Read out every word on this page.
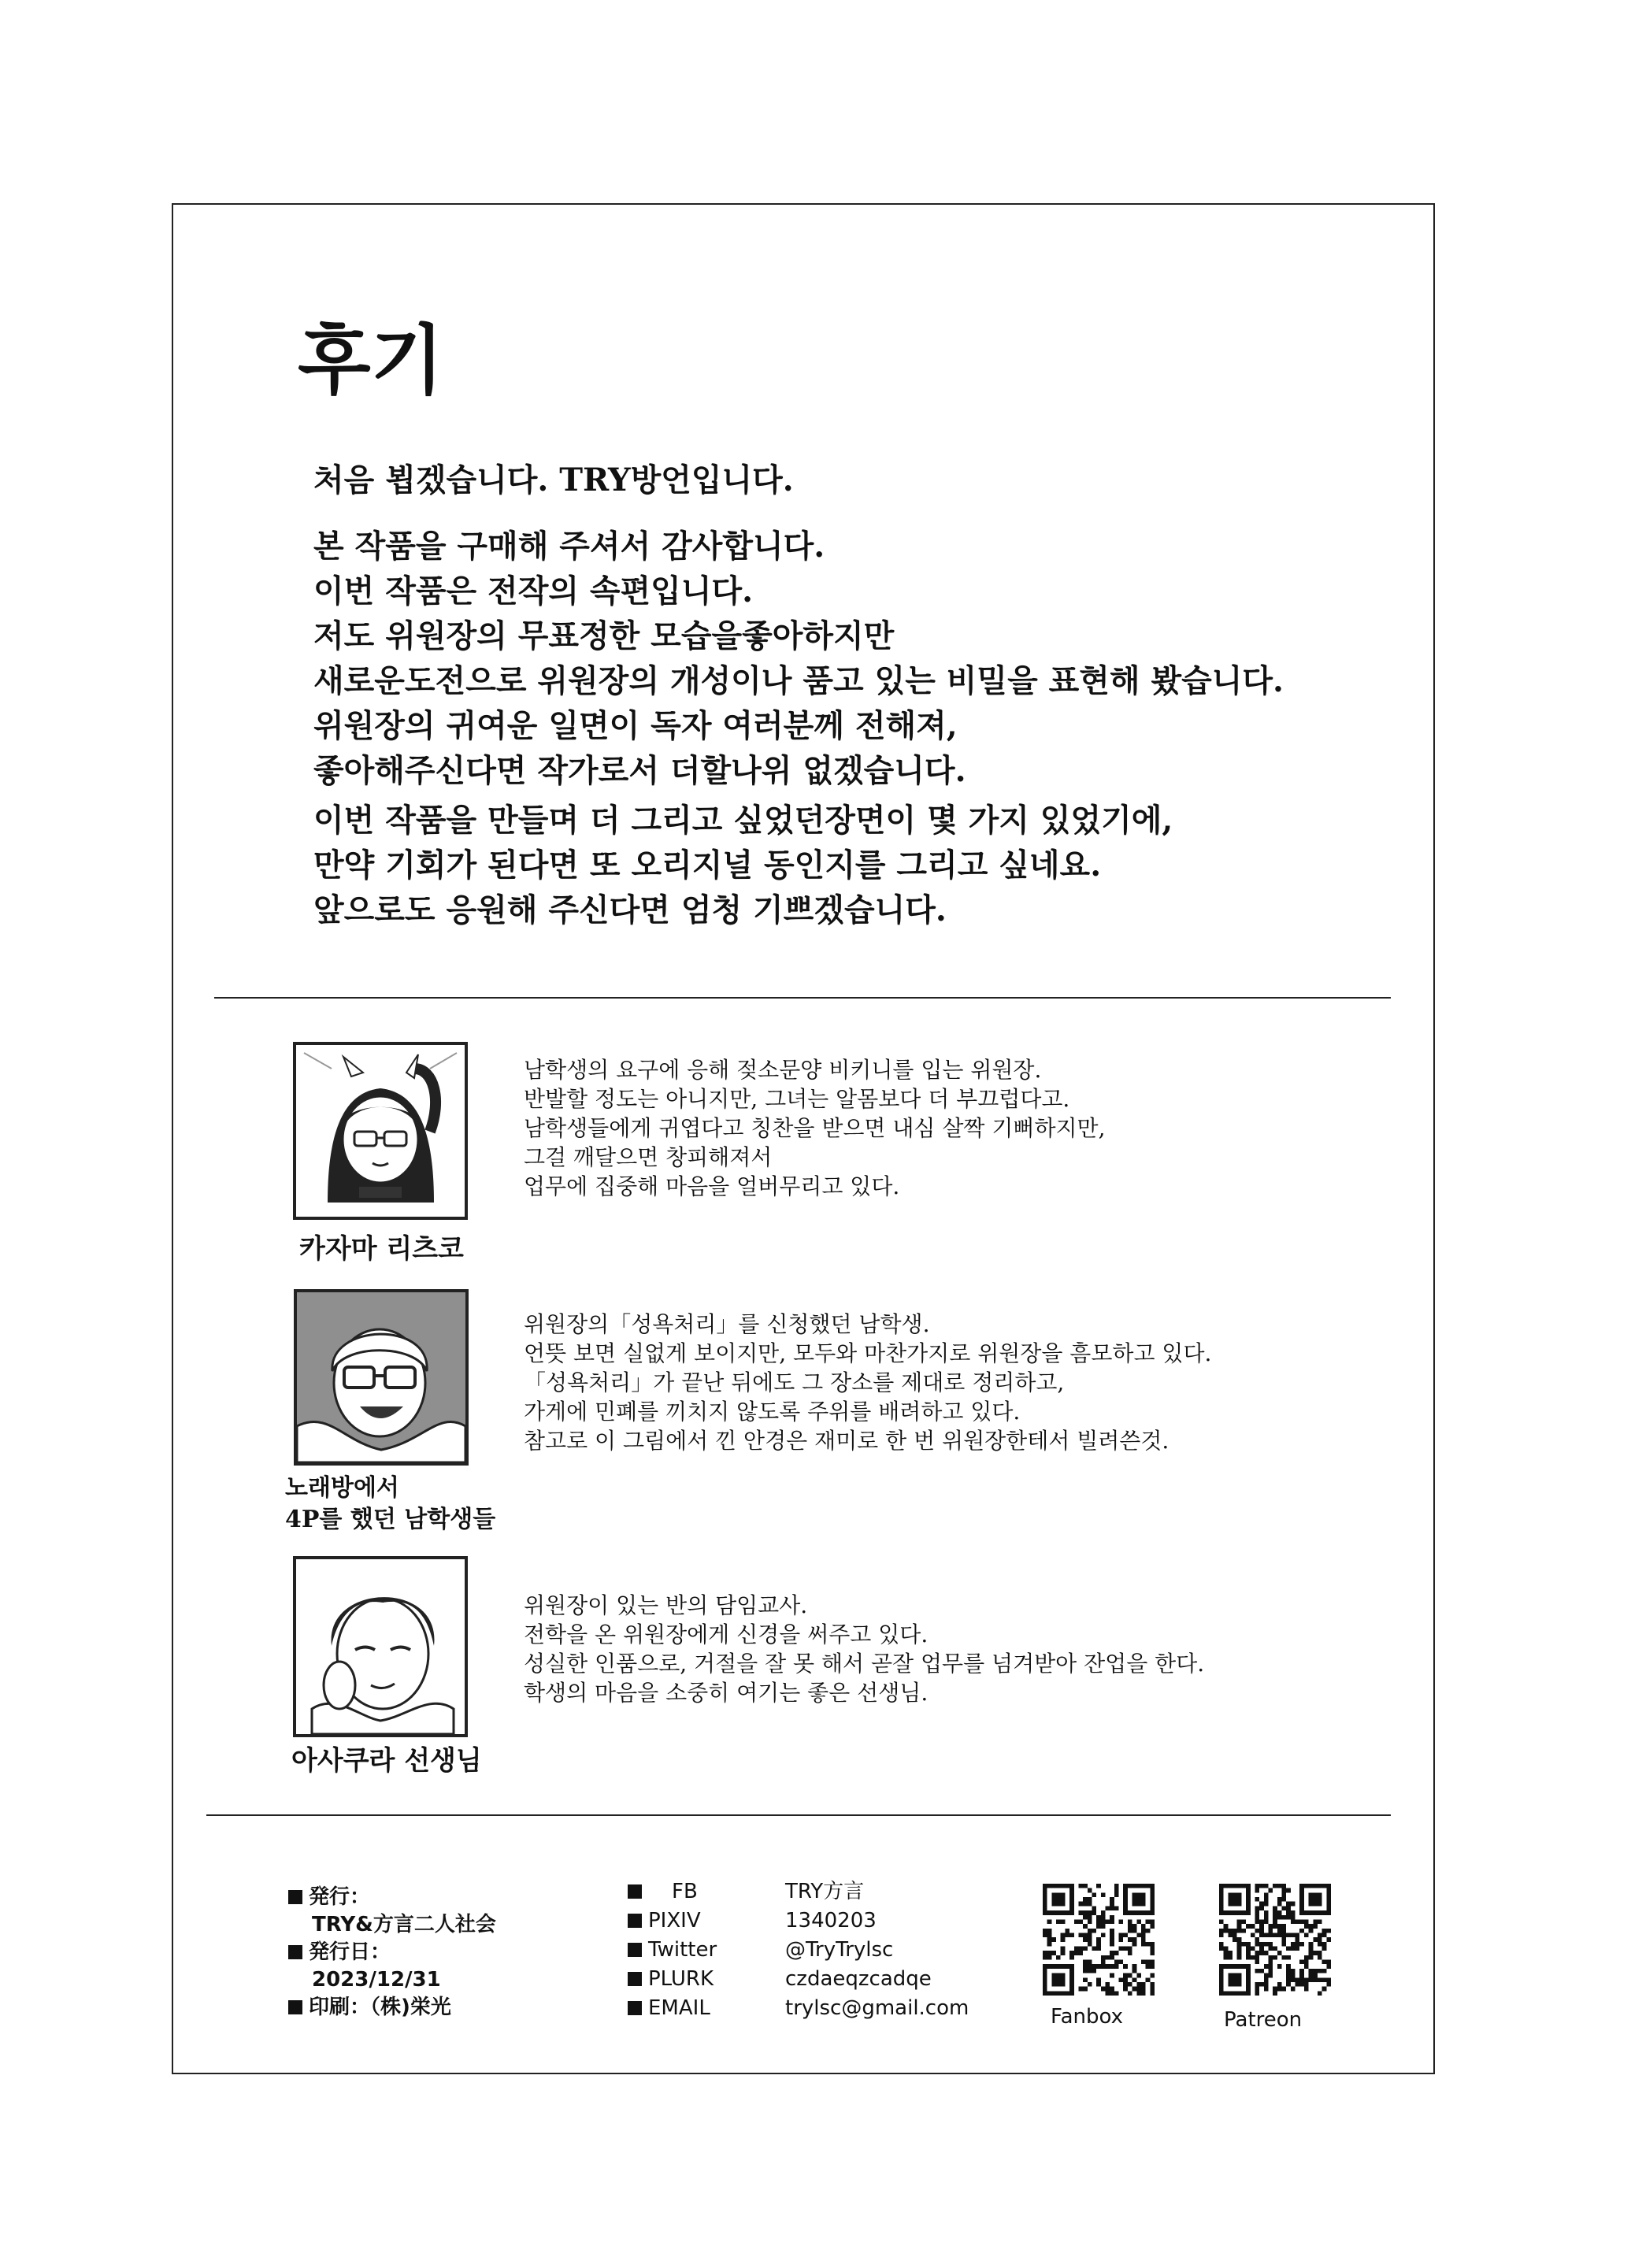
후기
처음 뵙겠습니다. TRY방언입니다.
본 작품을 구매해 주셔서 감사합니다.
이번 작품은 전작의 속편입니다.
저도 위원장의 무표정한 모습을좋아하지만
새로운도전으로 위원장의 개성이나 품고 있는 비밀을 표현해 봤습니다.
위원장의 귀여운 일면이 독자 여러분께 전해져,
좋아해주신다면 작가로서 더할나위 없겠습니다.
이번 작품을 만들며 더 그리고 싶었던장면이 몇 가지 있었기에,
만약 기회가 된다면 또 오리지널 동인지를 그리고 싶네요.
앞으로도 응원해 주신다면 엄청 기쁘겠습니다.
카자마 리츠코
남학생의 요구에 응해 젖소문양 비키니를 입는 위원장.
반발할 정도는 아니지만, 그녀는 알몸보다 더 부끄럽다고.
남학생들에게 귀엽다고 칭찬을 받으면 내심 살짝 기뻐하지만,
그걸 깨달으면 창피해져서
업무에 집중해 마음을 얼버무리고 있다.
노래방에서
4P를 했던 남학생들
위원장의「성욕처리」를 신청했던 남학생.
언뜻 보면 실없게 보이지만, 모두와 마찬가지로 위원장을 흠모하고 있다.
「성욕처리」가 끝난 뒤에도 그 장소를 제대로 정리하고,
가게에 민폐를 끼치지 않도록 주위를 배려하고 있다.
참고로 이 그림에서 낀 안경은 재미로 한 번 위원장한테서 빌려쓴것.
아사쿠라 선생님
위원장이 있는 반의 담임교사.
전학을 온 위원장에게 신경을 써주고 있다.
성실한 인품으로, 거절을 잘 못 해서 곧잘 업무를 넘겨받아 잔업을 한다.
학생의 마음을 소중히 여기는 좋은 선생님.
発行：
TRY&方言二人社会
発行日：
2023/12/31
印刷：（株)栄光
FB	TRY方言
PIXIV	1340203
Twitter	@TryTrylsc
PLURK	czdaeqzcadqe
EMAIL	trylsc@gmail.com	Fanbox	Patreon
